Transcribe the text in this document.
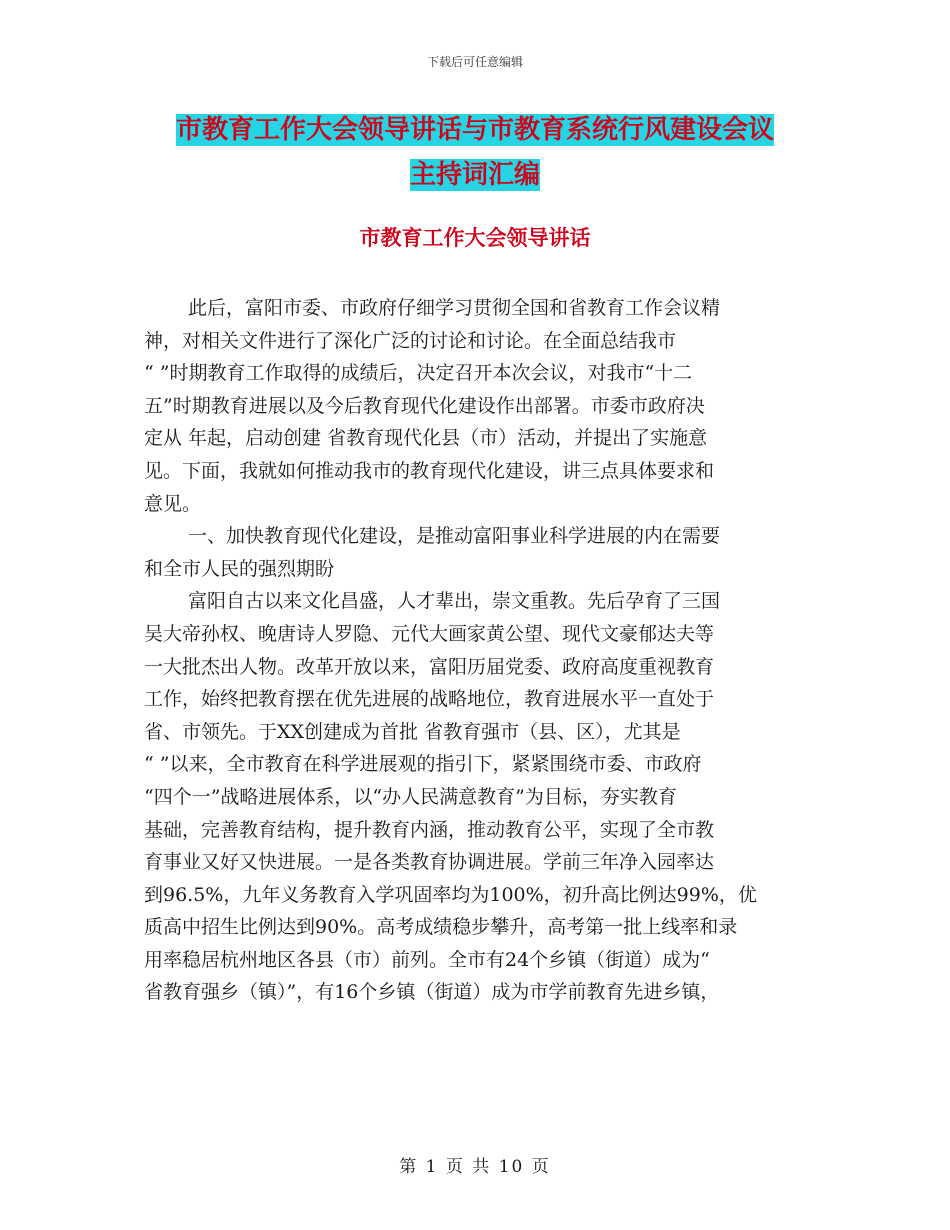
下载后可任意编辑
市教育工作大会领导讲话与市教育系统行风建设会议
主持词汇编
市教育工作大会领导讲话
此后，富阳市委、市政府仔细学习贯彻全国和省教育工作会议精
神，对相关文件进行了深化广泛的讨论和讨论。在全面总结我市
“ ”时期教育工作取得的成绩后，决定召开本次会议，对我市“十二
五”时期教育进展以及今后教育现代化建设作出部署。市委市政府决
定从 年起，启动创建 省教育现代化县（市）活动，并提出了实施意
见。下面，我就如何推动我市的教育现代化建设，讲三点具体要求和
意见。
一、加快教育现代化建设，是推动富阳事业科学进展的内在需要
和全市人民的强烈期盼
富阳自古以来文化昌盛，人才辈出，崇文重教。先后孕育了三国
吴大帝孙权、晚唐诗人罗隐、元代大画家黄公望、现代文豪郁达夫等
一大批杰出人物。改革开放以来，富阳历届党委、政府高度重视教育
工作，始终把教育摆在优先进展的战略地位，教育进展水平一直处于
省、市领先。于XX创建成为首批 省教育强市（县、区），尤其是
“ ”以来，全市教育在科学进展观的指引下，紧紧围绕市委、市政府
“四个一”战略进展体系，以“办人民满意教育”为目标，夯实教育
基础，完善教育结构，提升教育内涵，推动教育公平，实现了全市教
育事业又好又快进展。一是各类教育协调进展。学前三年净入园率达
到96.5%，九年义务教育入学巩固率均为100%，初升高比例达99%，优
质高中招生比例达到90%。高考成绩稳步攀升，高考第一批上线率和录
用率稳居杭州地区各县（市）前列。全市有24个乡镇（街道）成为“
省教育强乡（镇）”，有16个乡镇（街道）成为市学前教育先进乡镇，
第 1 页 共 10 页
